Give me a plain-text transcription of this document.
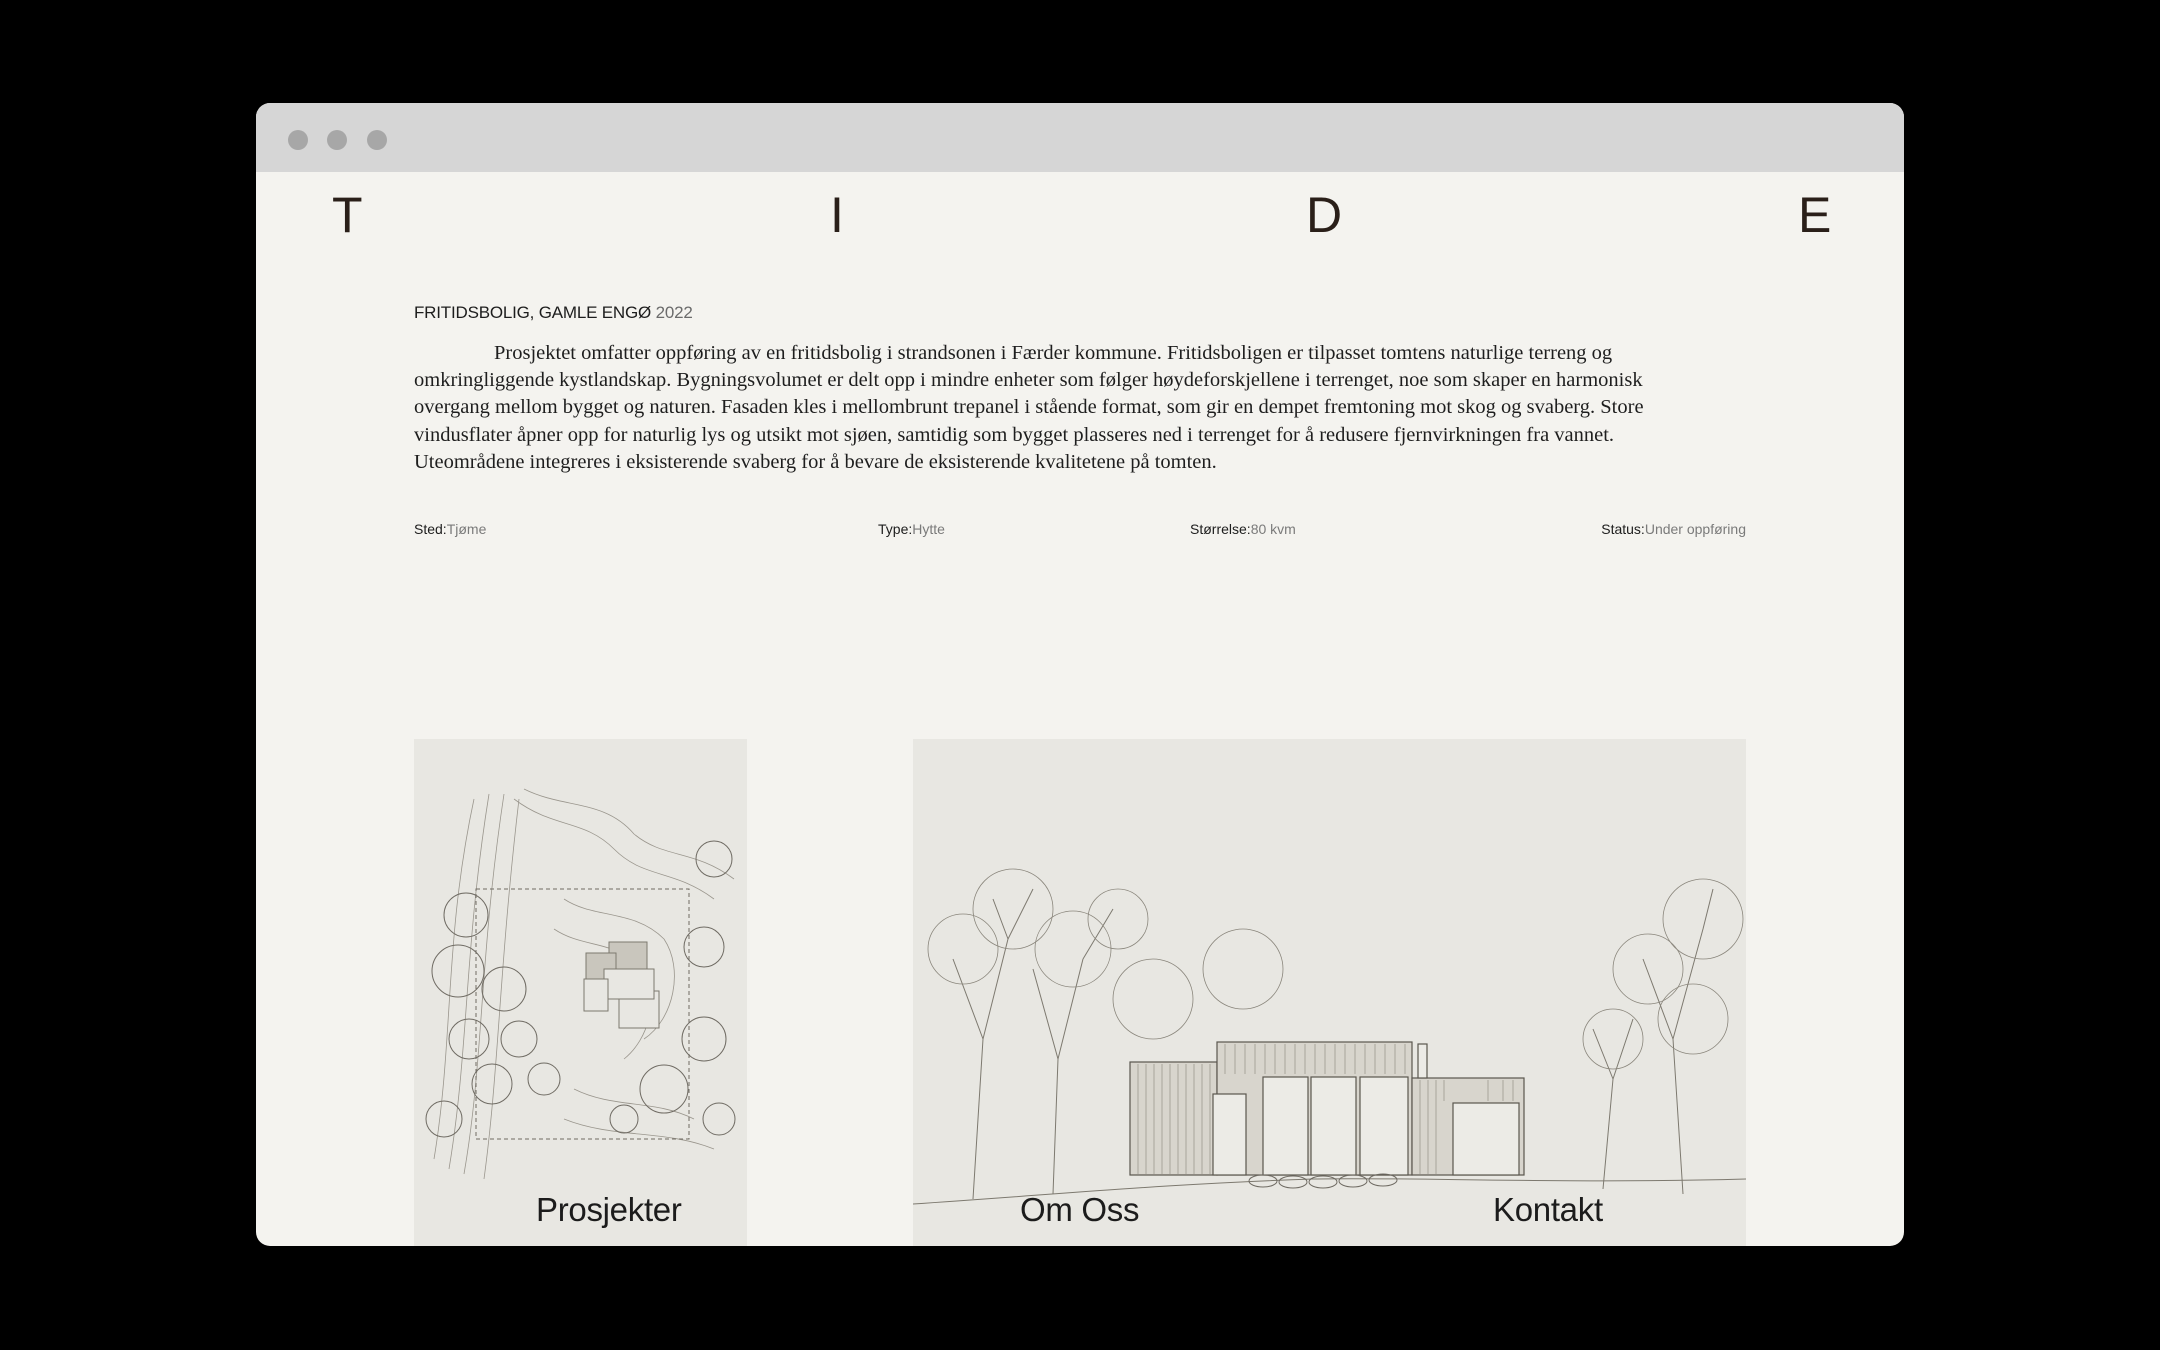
T	I	D	E
FRITIDSBOLIG, GAMLE ENGØ 2022

Prosjektet omfatter oppføring av en fritidsbolig i strandsonen i Færder kommune. Fritidsboligen er tilpasset tomtens naturlige terreng og omkringliggende kystlandskap. Bygningsvolumet er delt opp i mindre enheter som følger høydeforskjellene i terrenget, noe som skaper en harmonisk overgang mellom bygget og naturen. Fasaden kles i mellombrunt trepanel i stående format, som gir en dempet fremtoning mot skog og svaberg. Store vindusflater åpner opp for naturlig lys og utsikt mot sjøen, samtidig som bygget plasseres ned i terrenget for å redusere fjernvirkningen fra vannet. Uteområdene integreres i eksisterende svaberg for å bevare de eksisterende kvalitetene på tomten.

Sted:Tjøme	Type:Hytte	Størrelse:80 kvm	Status:Under oppføring
Prosjekter	Om Oss	Kontakt
